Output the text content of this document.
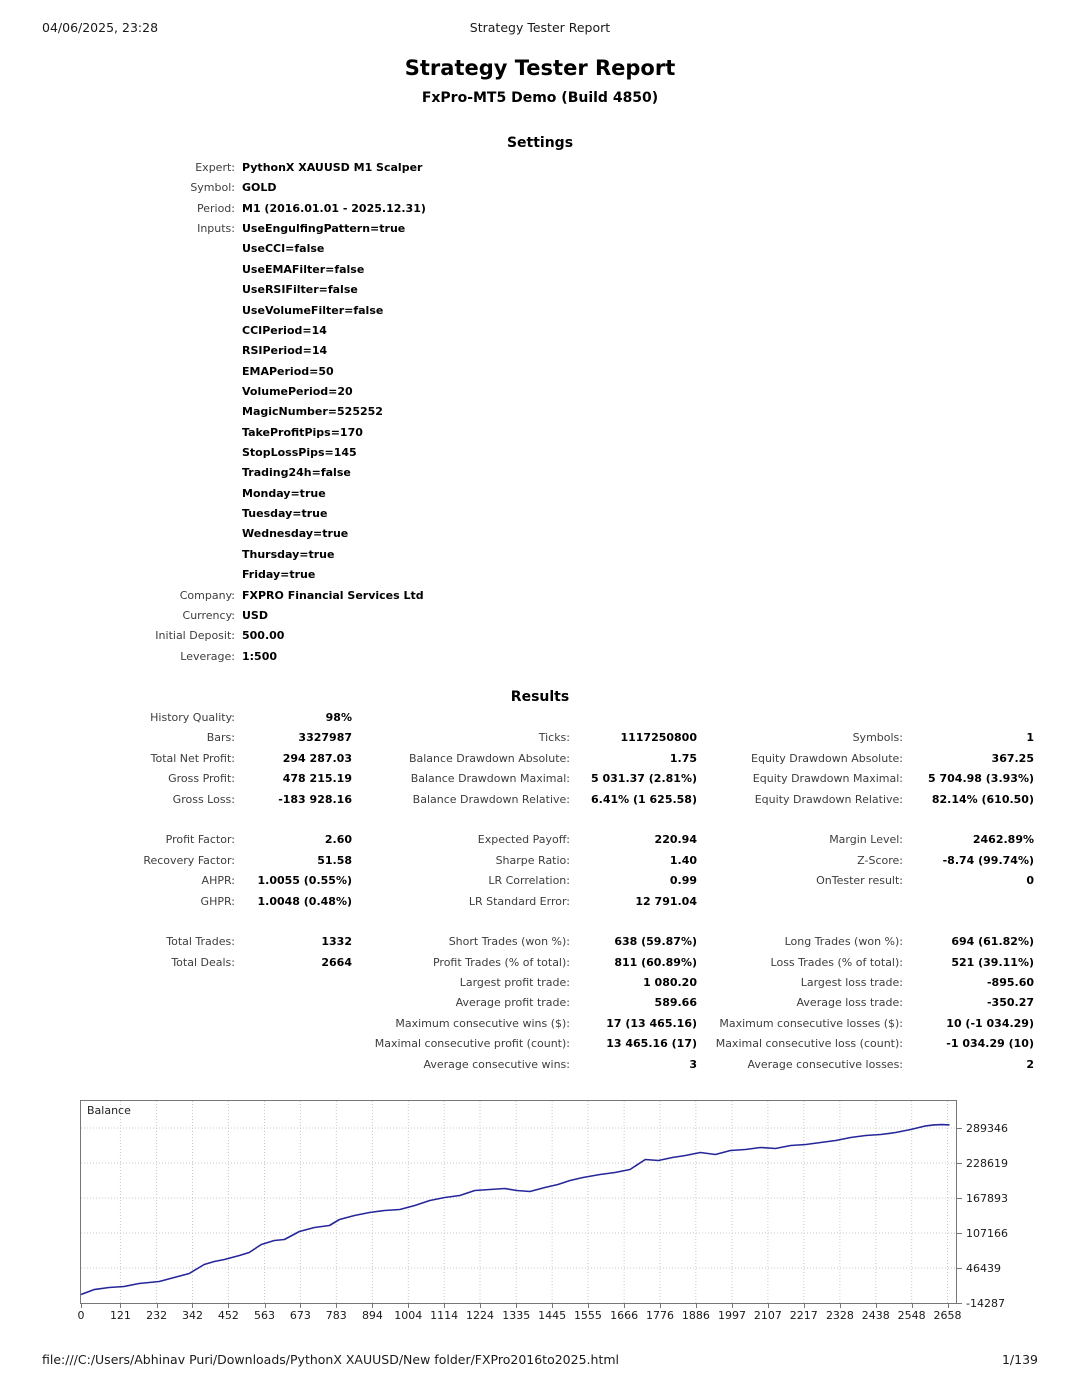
04/06/2025, 23:28	Strategy Tester Report
Strategy Tester Report
FxPro-MT5 Demo (Build 4850)
Settings
Expert: PythonX XAUUSD M1 Scalper
Symbol: GOLD
Period: M1 (2016.01.01 - 2025.12.31)
Inputs: UseEngulfingPattern=true
UseCCI=false
UseEMAFilter=false
UseRSIFilter=false
UseVolumeFilter=false
CCIPeriod=14
RSIPeriod=14
EMAPeriod=50
VolumePeriod=20
MagicNumber=525252
TakeProfitPips=170
StopLossPips=145
Trading24h=false
Monday=true
Tuesday=true
Wednesday=true
Thursday=true
Friday=true
Company: FXPRO Financial Services Ltd
Currency: USD
Initial Deposit: 500.00
Leverage: 1:500
Results
History Quality:	98%
Bars:	3327987	Ticks:	1117250800	Symbols:	1
Total Net Profit:	294 287.03	Balance Drawdown Absolute:	1.75	Equity Drawdown Absolute:	367.25
Gross Profit:	478 215.19	Balance Drawdown Maximal:	5 031.37 (2.81%)	Equity Drawdown Maximal:	5 704.98 (3.93%)
Gross Loss:	-183 928.16	Balance Drawdown Relative:	6.41% (1 625.58)	Equity Drawdown Relative:	82.14% (610.50)
Profit Factor:	2.60	Expected Payoff:	220.94	Margin Level:	2462.89%
Recovery Factor:	51.58	Sharpe Ratio:	1.40	Z-Score:	-8.74 (99.74%)
AHPR:	1.0055 (0.55%)	LR Correlation:	0.99	OnTester result:	0
GHPR:	1.0048 (0.48%)	LR Standard Error:	12 791.04
Total Trades:	1332	Short Trades (won %):	638 (59.87%)	Long Trades (won %):	694 (61.82%)
Total Deals:	2664	Profit Trades (% of total):	811 (60.89%)	Loss Trades (% of total):	521 (39.11%)
Largest profit trade:	1 080.20	Largest loss trade:	-895.60
Average profit trade:	589.66	Average loss trade:	-350.27
Maximum consecutive wins ($):	17 (13 465.16)	Maximum consecutive losses ($):	10 (-1 034.29)
Maximal consecutive profit (count):	13 465.16 (17)	Maximal consecutive loss (count):	-1 034.29 (10)
Average consecutive wins:	3	Average consecutive losses:	2
Balance
-14287
46439
107166
167893
228619
289346
0	121	232	342	452	563	673	783	894	1004 1114 1224 1335 1445 1555 1666 1776 1886 1997 2107 2217 2328 2438 2548 2658
file:///C:/Users/Abhinav Puri/Downloads/PythonX XAUUSD/New folder/FXPro2016to2025.html	1/139
